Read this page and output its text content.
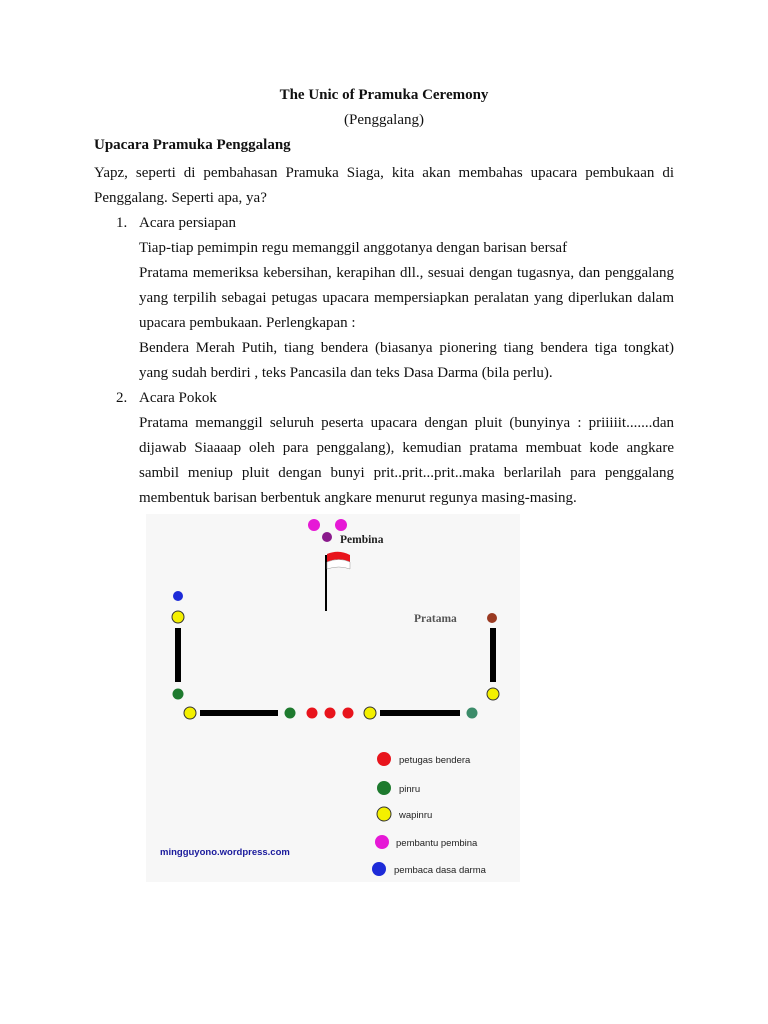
The Unic of Pramuka Ceremony
(Penggalang)
Upacara Pramuka Penggalang

Yapz, seperti di pembahasan Pramuka Siaga, kita akan membahas upacara pembukaan di Penggalang. Seperti apa, ya?

1. Acara persiapan

Tiap-tiap pemimpin regu memanggil anggotanya dengan barisan bersaf

Pratama memeriksa kebersihan, kerapihan dll., sesuai dengan tugasnya, dan penggalang yang terpilih sebagai petugas upacara mempersiapkan peralatan yang diperlukan dalam upacara pembukaan. Perlengkapan :

Bendera Merah Putih, tiang bendera (biasanya pionering tiang bendera tiga tongkat) yang sudah berdiri , teks Pancasila dan teks Dasa Darma (bila perlu).

2. Acara Pokok

Pratama memanggil seluruh peserta upacara dengan pluit (bunyinya : priiiiit.......dan dijawab Siaaaap oleh para penggalang), kemudian pratama membuat kode angkare sambil meniup pluit dengan bunyi prit..prit...prit..maka berlarilah para penggalang membentuk barisan berbentuk angkare menurut regunya masing-masing.

Pembina
Pratama
petugas bendera
pinru
wapinru
pembantu pembina
pembaca dasa darma
mingguyono.wordpress.com
